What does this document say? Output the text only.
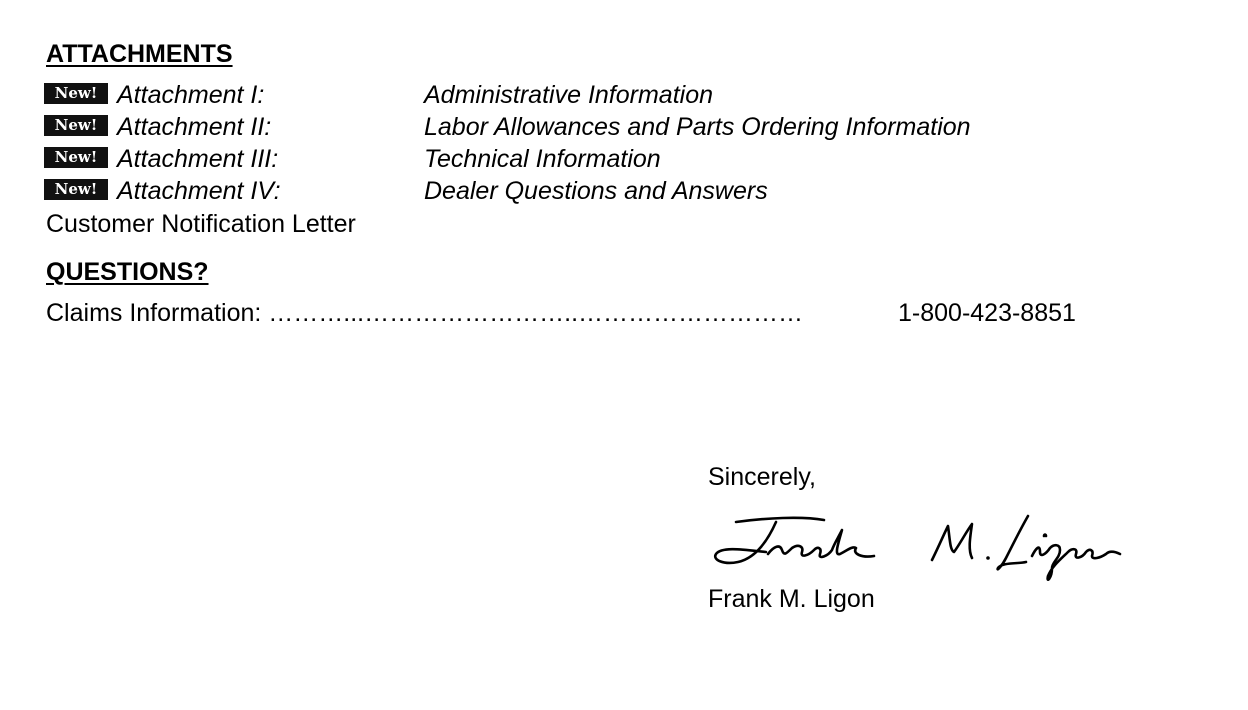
ATTACHMENTS
New! Attachment I:	Administrative Information
New! Attachment II:	Labor Allowances and Parts Ordering Information
New! Attachment III:	Technical Information
New! Attachment IV:	Dealer Questions and Answers
Customer Notification Letter
QUESTIONS?
Claims Information: ………...……………………..………………………	1-800-423-8851
Sincerely,
Frank M. Ligon
